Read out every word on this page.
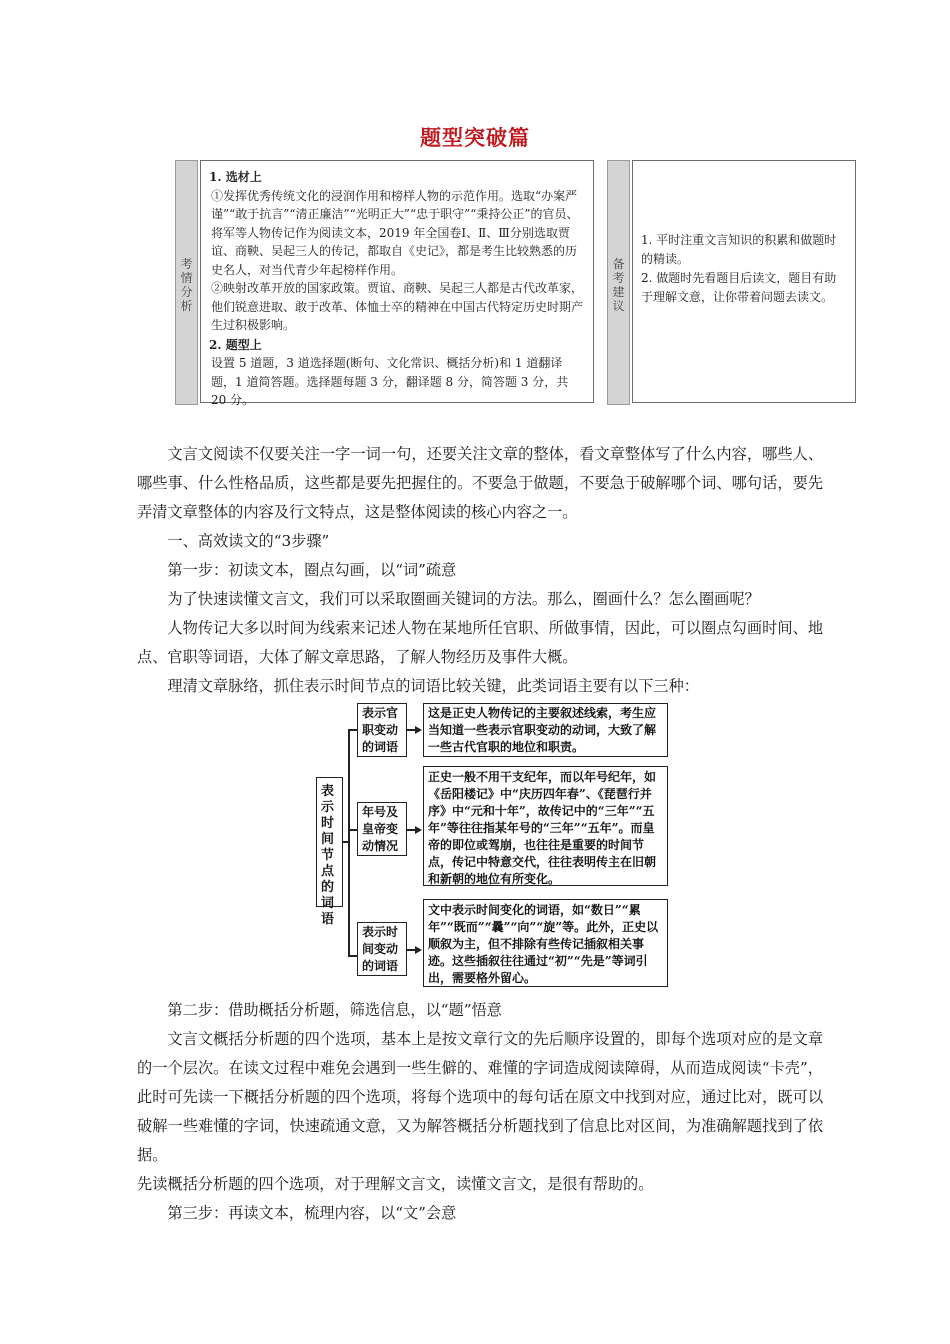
题型突破篇
考
情
分
析

1. 选材上

①发挥优秀传统文化的浸润作用和榜样人物的示范作用。选取“办案严谨”“敢于抗言”“清正廉洁”“光明正大”“忠于职守”“秉持公正”的官员、将军等人物传记作为阅读文本，2019 年全国卷Ⅰ、Ⅱ、Ⅲ分别选取贾谊、商鞅、吴起三人的传记，都取自《史记》，都是考生比较熟悉的历史名人，对当代青少年起榜样作用。

②映射改革开放的国家政策。贾谊、商鞅、吴起三人都是古代改革家，他们锐意进取、敢于改革、体恤士卒的精神在中国古代特定历史时期产生过积极影响。

2. 题型上

设置 5 道题，3 道选择题(断句、文化常识、概括分析)和 1 道翻译题，1 道简答题。选择题每题 3 分，翻译题 8 分，简答题 3 分，共 20 分。

备
考
建
议

1. 平时注重文言知识的积累和做题时的精读。

2. 做题时先看题目后读文，题目有助于理解文意，让你带着问题去读文。

文言文阅读不仅要关注一字一词一句，还要关注文章的整体，看文章整体写了什么内容，哪些人、哪些事、什么性格品质，这些都是要先把握住的。不要急于做题，不要急于破解哪个词、哪句话，要先弄清文章整体的内容及行文特点，这是整体阅读的核心内容之一。

一、高效读文的“3步骤”

第一步：初读文本，圈点勾画，以“词”疏意

为了快速读懂文言文，我们可以采取圈画关键词的方法。那么，圈画什么？怎么圈画呢？

人物传记大多以时间为线索来记述人物在某地所任官职、所做事情，因此，可以圈点勾画时间、地点、官职等词语，大体了解文章思路，了解人物经历及事件大概。

理清文章脉络，抓住表示时间节点的词语比较关键，此类词语主要有以下三种：

表示时间节点的词语
表示官职变动的词语
年号及皇帝变动情况
表示时间变动的词语
这是正史人物传记的主要叙述线索，考生应当知道一些表示官职变动的动词，大致了解一些古代官职的地位和职责。
正史一般不用干支纪年，而以年号纪年，如《岳阳楼记》中“庆历四年春”、《琵琶行并序》中“元和十年”，故传记中的“三年”“五年”等往往指某年号的“三年”“五年”。而皇帝的即位或驾崩，也往往是重要的时间节点，传记中特意交代，往往表明传主在旧朝和新朝的地位有所变化。
文中表示时间变化的词语，如“数日”“累年”“既而”“曩”“向”“旋”等。此外，正史以顺叙为主，但不排除有些传记插叙相关事迹。这些插叙往往通过“初”“先是”等词引出，需要格外留心。

第二步：借助概括分析题，筛选信息，以“题”悟意

文言文概括分析题的四个选项，基本上是按文章行文的先后顺序设置的，即每个选项对应的是文章的一个层次。在读文过程中难免会遇到一些生僻的、难懂的字词造成阅读障碍，从而造成阅读“卡壳”，此时可先读一下概括分析题的四个选项，将每个选项中的每句话在原文中找到对应，通过比对，既可以破解一些难懂的字词，快速疏通文意，又为解答概括分析题找到了信息比对区间，为准确解题找到了依据。

先读概括分析题的四个选项，对于理解文言文，读懂文言文，是很有帮助的。

第三步：再读文本，梳理内容，以“文”会意
